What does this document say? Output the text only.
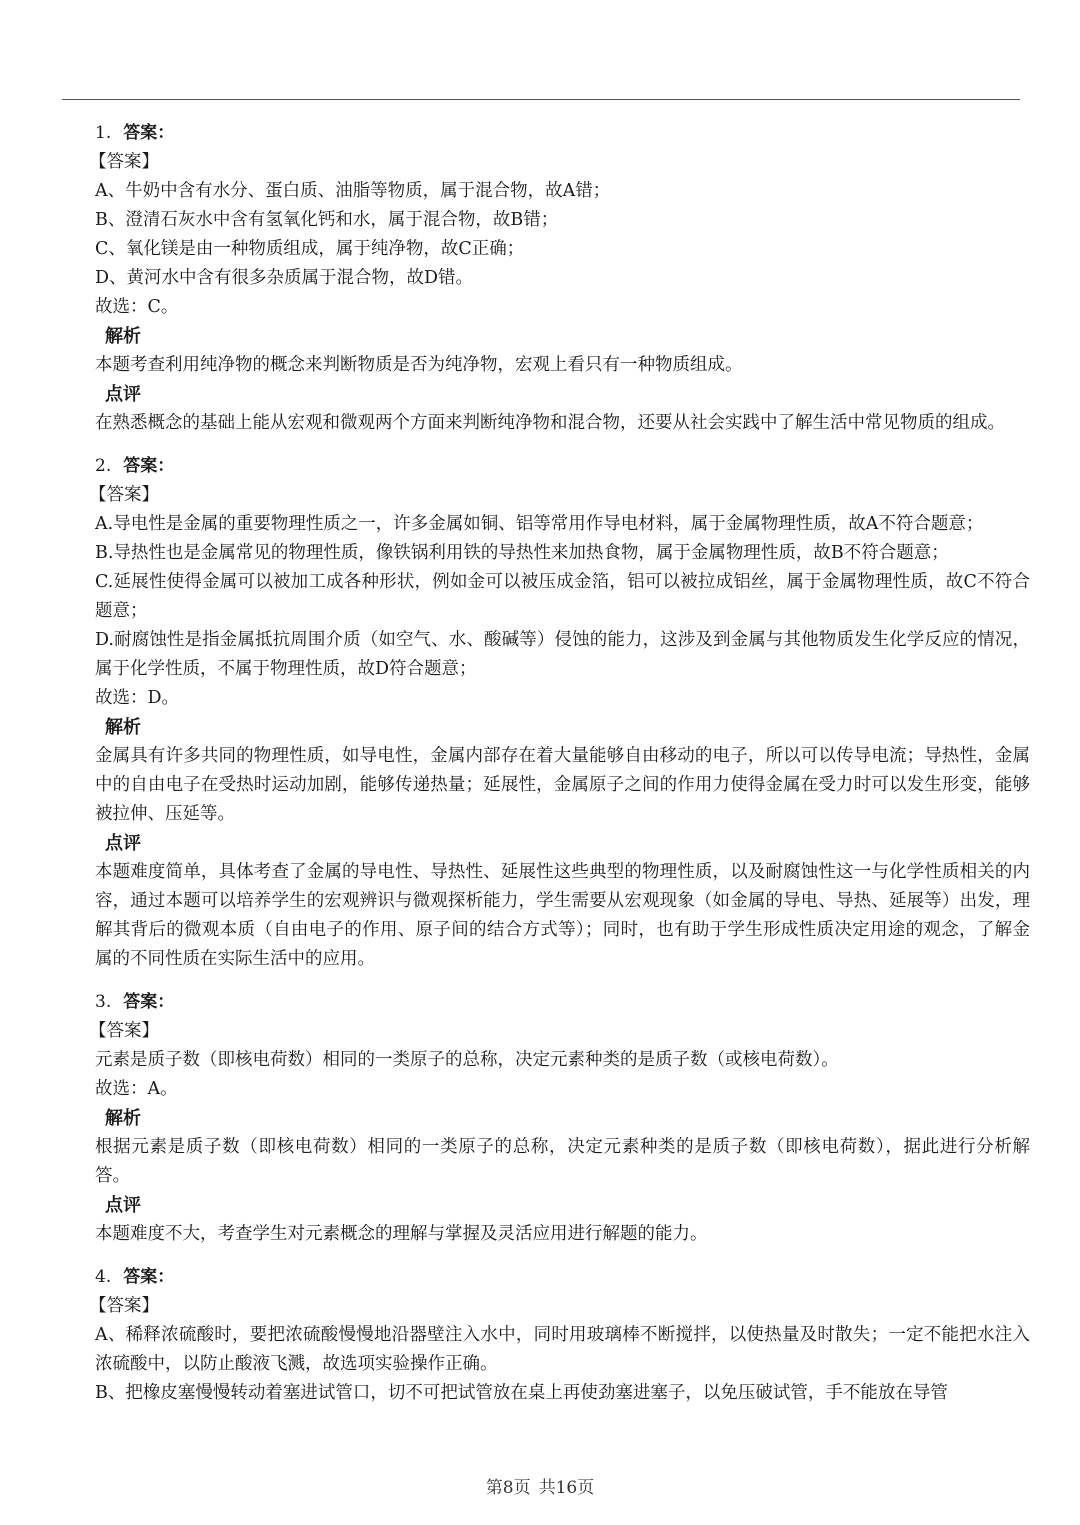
1. 答案：

【答案】

A、牛奶中含有水分、蛋白质、油脂等物质，属于混合物，故A错；

B、澄清石灰水中含有氢氧化钙和水，属于混合物，故B错；

C、氧化镁是由一种物质组成，属于纯净物，故C正确；

D、黄河水中含有很多杂质属于混合物，故D错。

故选：C。

解析

本题考查利用纯净物的概念来判断物质是否为纯净物，宏观上看只有一种物质组成。

点评

在熟悉概念的基础上能从宏观和微观两个方面来判断纯净物和混合物，还要从社会实践中了解生活中常见物质的组成。

2. 答案：

【答案】

A.导电性是金属的重要物理性质之一，许多金属如铜、铝等常用作导电材料，属于金属物理性质，故A不符合题意；

B.导热性也是金属常见的物理性质，像铁锅利用铁的导热性来加热食物，属于金属物理性质，故B不符合题意；

C.延展性使得金属可以被加工成各种形状，例如金可以被压成金箔，铝可以被拉成铝丝，属于金属物理性质，故C不符合题意；

D.耐腐蚀性是指金属抵抗周围介质（如空气、水、酸碱等）侵蚀的能力，这涉及到金属与其他物质发生化学反应的情况，属于化学性质，不属于物理性质，故D符合题意；

故选：D。

解析

金属具有许多共同的物理性质，如导电性，金属内部存在着大量能够自由移动的电子，所以可以传导电流；导热性，金属中的自由电子在受热时运动加剧，能够传递热量；延展性，金属原子之间的作用力使得金属在受力时可以发生形变，能够被拉伸、压延等。

点评

本题难度简单，具体考查了金属的导电性、导热性、延展性这些典型的物理性质，以及耐腐蚀性这一与化学性质相关的内容，通过本题可以培养学生的宏观辨识与微观探析能力，学生需要从宏观现象（如金属的导电、导热、延展等）出发，理解其背后的微观本质（自由电子的作用、原子间的结合方式等）；同时，也有助于学生形成性质决定用途的观念，了解金属的不同性质在实际生活中的应用。

3. 答案：

【答案】

元素是质子数（即核电荷数）相同的一类原子的总称，决定元素种类的是质子数（或核电荷数）。

故选：A。

解析

根据元素是质子数（即核电荷数）相同的一类原子的总称，决定元素种类的是质子数（即核电荷数），据此进行分析解答。

点评

本题难度不大，考查学生对元素概念的理解与掌握及灵活应用进行解题的能力。

4. 答案：

【答案】

A、稀释浓硫酸时，要把浓硫酸慢慢地沿器壁注入水中，同时用玻璃棒不断搅拌，以使热量及时散失；一定不能把水注入浓硫酸中，以防止酸液飞溅，故选项实验操作正确。

B、把橡皮塞慢慢转动着塞进试管口，切不可把试管放在桌上再使劲塞进塞子，以免压破试管，手不能放在导管

第8页 共16页
